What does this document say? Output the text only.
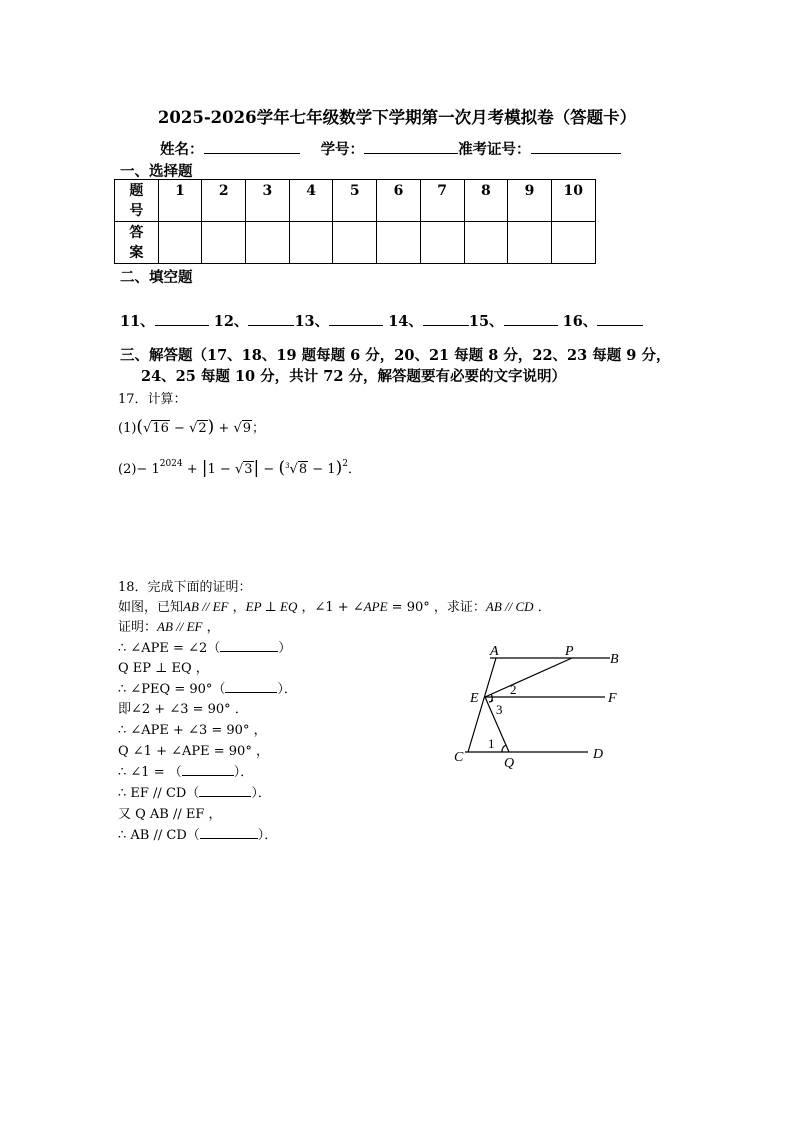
2025-2026学年七年级数学下学期第一次月考模拟卷（答题卡）
姓名：	学号：	准考证号：
一、选择题
题
号	1	2	3	4	5	6	7	8	9	10
答
案										
二、填空题
11、	12、	13、	14、	15、	16、
三、解答题（17、18、19 题每题 6 分，20、21 每题 8 分，22、23 每题 9 分，
24、25 每题 10 分，共计 72 分，解答题要有必要的文字说明）
17．计算：
(1)(√16 − √2) + √9；
$(2)- 1^{2024} + |1 - √3| - (^3√8 - 1)^2$．
18．完成下面的证明：
如图，已知AB // EF ，EP ⊥ EQ ，∠1 + ∠APE = 90° ，求证：AB // CD ．
证明：AB // EF ，
∴ ∠APE = ∠2（	）
Q EP ⊥ EQ ，
∴ ∠PEQ = 90°（	）．
即∠2 + ∠3 = 90° ．
∴ ∠APE + ∠3 = 90° ，
Q ∠1 + ∠APE = 90° ，
∴ ∠1 = （	）．
∴ EF // CD（	）．
又 Q AB // EF ，
∴ AB // CD（	）．
A	P
B
E
2
3
F
C
1
Q
D
